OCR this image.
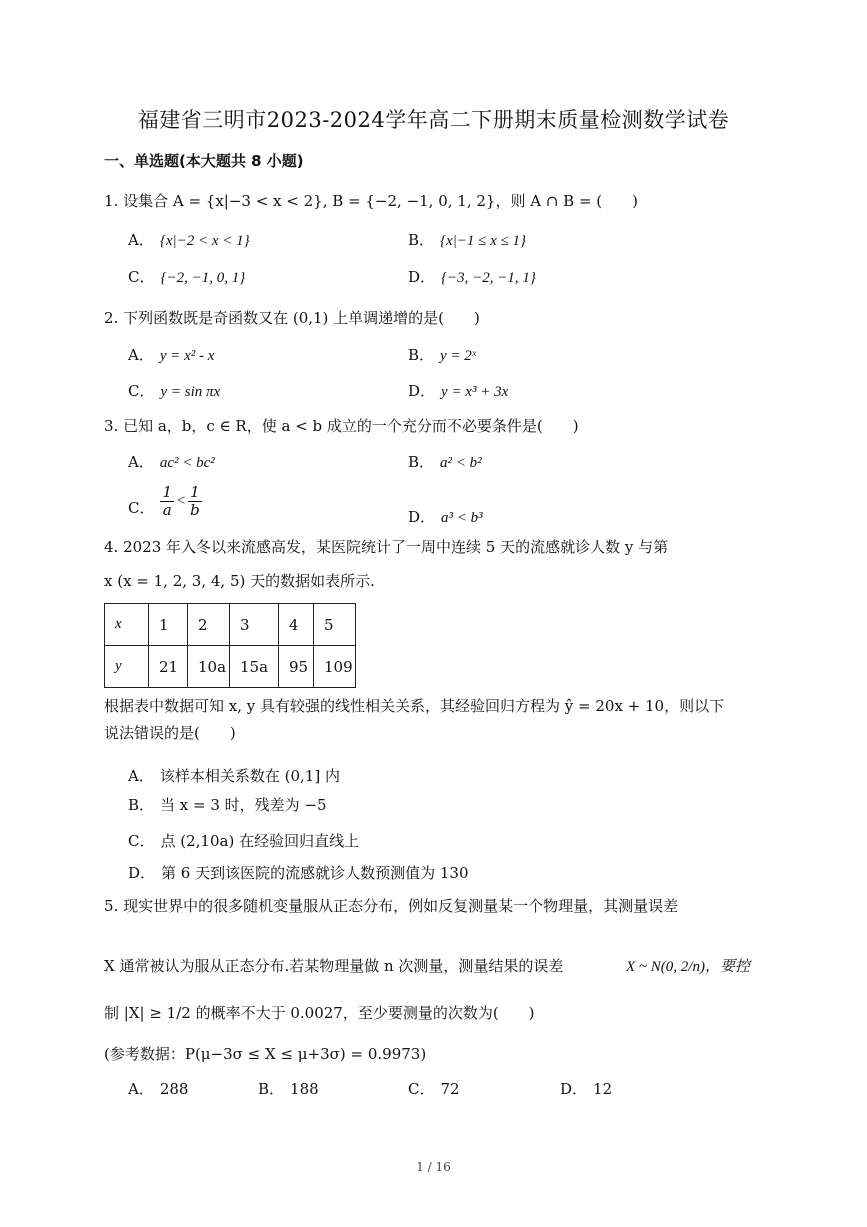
福建省三明市2023-2024学年高二下册期末质量检测数学试卷
一、单选题(本大题共 8 小题)
1. 设集合 A = {x|−3 < x < 2}, B = {−2, −1, 0, 1, 2}，则 A ∩ B = (　　)
A． {x|−2 < x < 1}	B． {x|−1 ≤ x ≤ 1}
C． {−2, −1, 0, 1}	D． {−3, −2, −1, 1}
2. 下列函数既是奇函数又在 (0,1) 上单调递增的是(　　)
A． y = x² - x	B． y = 2ˣ
C． y = sin πx	D． y = x³ + 3x
3. 已知 a，b，c ∈ R，使 a < b 成立的一个充分而不必要条件是(　　)
A． ac² < bc²	B． a² < b²
C． $\frac{1}{a} < \frac{1}{b}$	D． a³ < b³
4. 2023 年入冬以来流感高发，某医院统计了一周中连续 5 天的流感就诊人数 y 与第
x (x = 1, 2, 3, 4, 5) 天的数据如表所示.
x	1	2	3	4	5
y	21	10a	15a	95	109
根据表中数据可知 x, y 具有较强的线性相关关系，其经验回归方程为 ŷ = 20x + 10，则以下
说法错误的是(　　)
A． 该样本相关系数在 (0,1] 内
B． 当 x = 3 时，残差为 −5
C． 点 (2,10a) 在经验回归直线上
D． 第 6 天到该医院的流感就诊人数预测值为 130
5. 现实世界中的很多随机变量服从正态分布，例如反复测量某一个物理量，其测量误差
X 通常被认为服从正态分布.若某物理量做 n 次测量，测量结果的误差	X ~ N(0, 2/n)，要控
制 |X| ≥ 1/2 的概率不大于 0.0027，至少要测量的次数为(　　)
(参考数据：P(μ−3σ ≤ X ≤ μ+3σ) = 0.9973)
A． 288	B． 188	C． 72	D． 12
1 / 16
